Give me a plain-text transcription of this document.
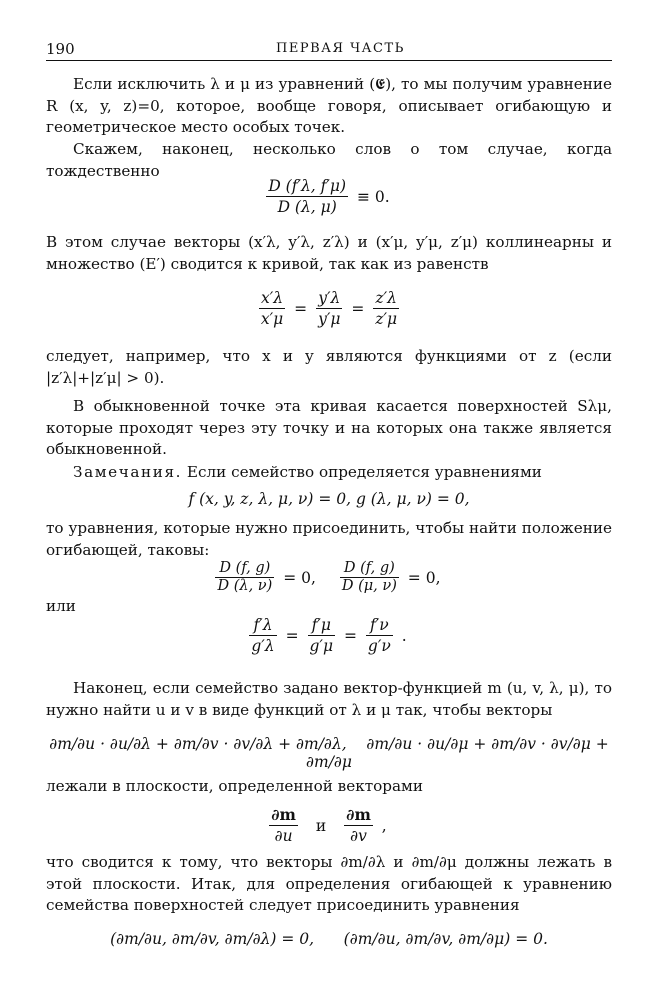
190	ПЕРВАЯ ЧАСТЬ
Если исключить λ и μ из уравнений (𝕰), то мы получим уравнение R (x, y, z)=0, которое, вообще говоря, описывает огибающую и геометрическое место особых точек.
Скажем, наконец, несколько слов о том случае, когда тождественно
$\frac{D (f'\lambda, f'\mu)}{D (\lambda, \mu)} \equiv 0$.
В этом случае векторы (x′λ, y′λ, z′λ) и (x′μ, y′μ, z′μ) коллинеарны и множество (E′) сводится к кривой, так как из равенств
$\frac{x'\lambda}{x'\mu} = \frac{y'\lambda}{y'\mu} = \frac{z'\lambda}{z'\mu}$
следует, например, что x и y являются функциями от z (если |z′λ|+|z′μ| > 0).
В обыкновенной точке эта кривая касается поверхностей Sλμ, которые проходят через эту точку и на которых она также является обыкновенной.
Замечания. Если семейство определяется уравнениями
f (x, y, z, λ, μ, ν) = 0, g (λ, μ, ν) = 0,
то уравнения, которые нужно присоединить, чтобы найти положение огибающей, таковы:
$\frac{D (f, g)}{D (\lambda, \nu)} = 0$, $\frac{D (f, g)}{D (\mu, \nu)} = 0$,
или
$\frac{f'\lambda}{g'\lambda} = \frac{f'\mu}{g'\mu} = \frac{f'\nu}{g'\nu}$ .
Наконец, если семейство задано вектор-функцией m (u, v, λ, μ), то нужно найти u и v в виде функций от λ и μ так, чтобы векторы
∂m/∂u · ∂u/∂λ + ∂m/∂v · ∂v/∂λ + ∂m/∂λ, ∂m/∂u · ∂u/∂μ + ∂m/∂v · ∂v/∂μ + ∂m/∂μ
лежали в плоскости, определенной векторами
$\frac{\partial m}{\partial u}$ и $\frac{\partial m}{\partial v}$ ,
что сводится к тому, что векторы ∂m/∂λ и ∂m/∂μ должны лежать в этой плоскости. Итак, для определения огибающей к уравнению семейства поверхностей следует присоединить уравнения
(∂m/∂u, ∂m/∂v, ∂m/∂λ) = 0, (∂m/∂u, ∂m/∂v, ∂m/∂μ) = 0.
